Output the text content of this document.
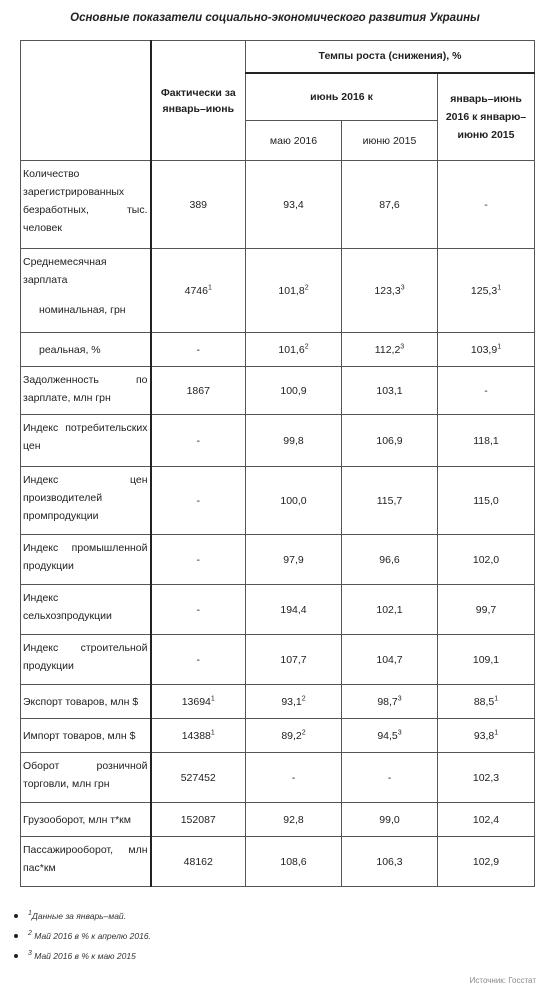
Основные показатели социально-экономического развития Украины
	Фактически за январь–июнь	Темпы роста (снижения), %		
		июнь 2016 к		январь–июнь 2016 к январю–июню 2015
		маю 2016	июню 2015	
Количество зарегистрированных безработных, тыс. человек	389	93,4	87,6	-

Среднемесячная зарплата
номинальная, грн	4746$^1$	101,8$^2$	123,3$^3$	125,3$^1$
реальная, %	-	101,6$^2$	112,2$^3$	103,9$^1$
Задолженность по зарплате, млн грн	1867	100,9	103,1	-
Индекс потребительских цен	-	99,8	106,9	118,1
Индекс цен производителей промпродукции	-	100,0	115,7	115,0
Индекс промышленной продукции	-	97,9	96,6	102,0
Индекс сельхозпродукции	-	194,4	102,1	99,7
Индекс строительной продукции	-	107,7	104,7	109,1
Экспорт товаров, млн $	13694$^1$	93,1$^2$	98,7$^3$	88,5$^1$
Импорт товаров, млн $	14388$^1$	89,2$^2$	94,5$^3$	93,8$^1$
Оборот розничной торговли, млн грн	527452	-	-	102,3
Грузооборот, млн т*км	152087	92,8	99,0	102,4
Пассажирооборот, млн пас*км	48162	108,6	106,3	102,9
$^1$Данные за январь–май.
$^2$ Май 2016 в % к апрелю 2016.
$^3$ Май 2016 в % к маю 2015
Источник: Госстат
